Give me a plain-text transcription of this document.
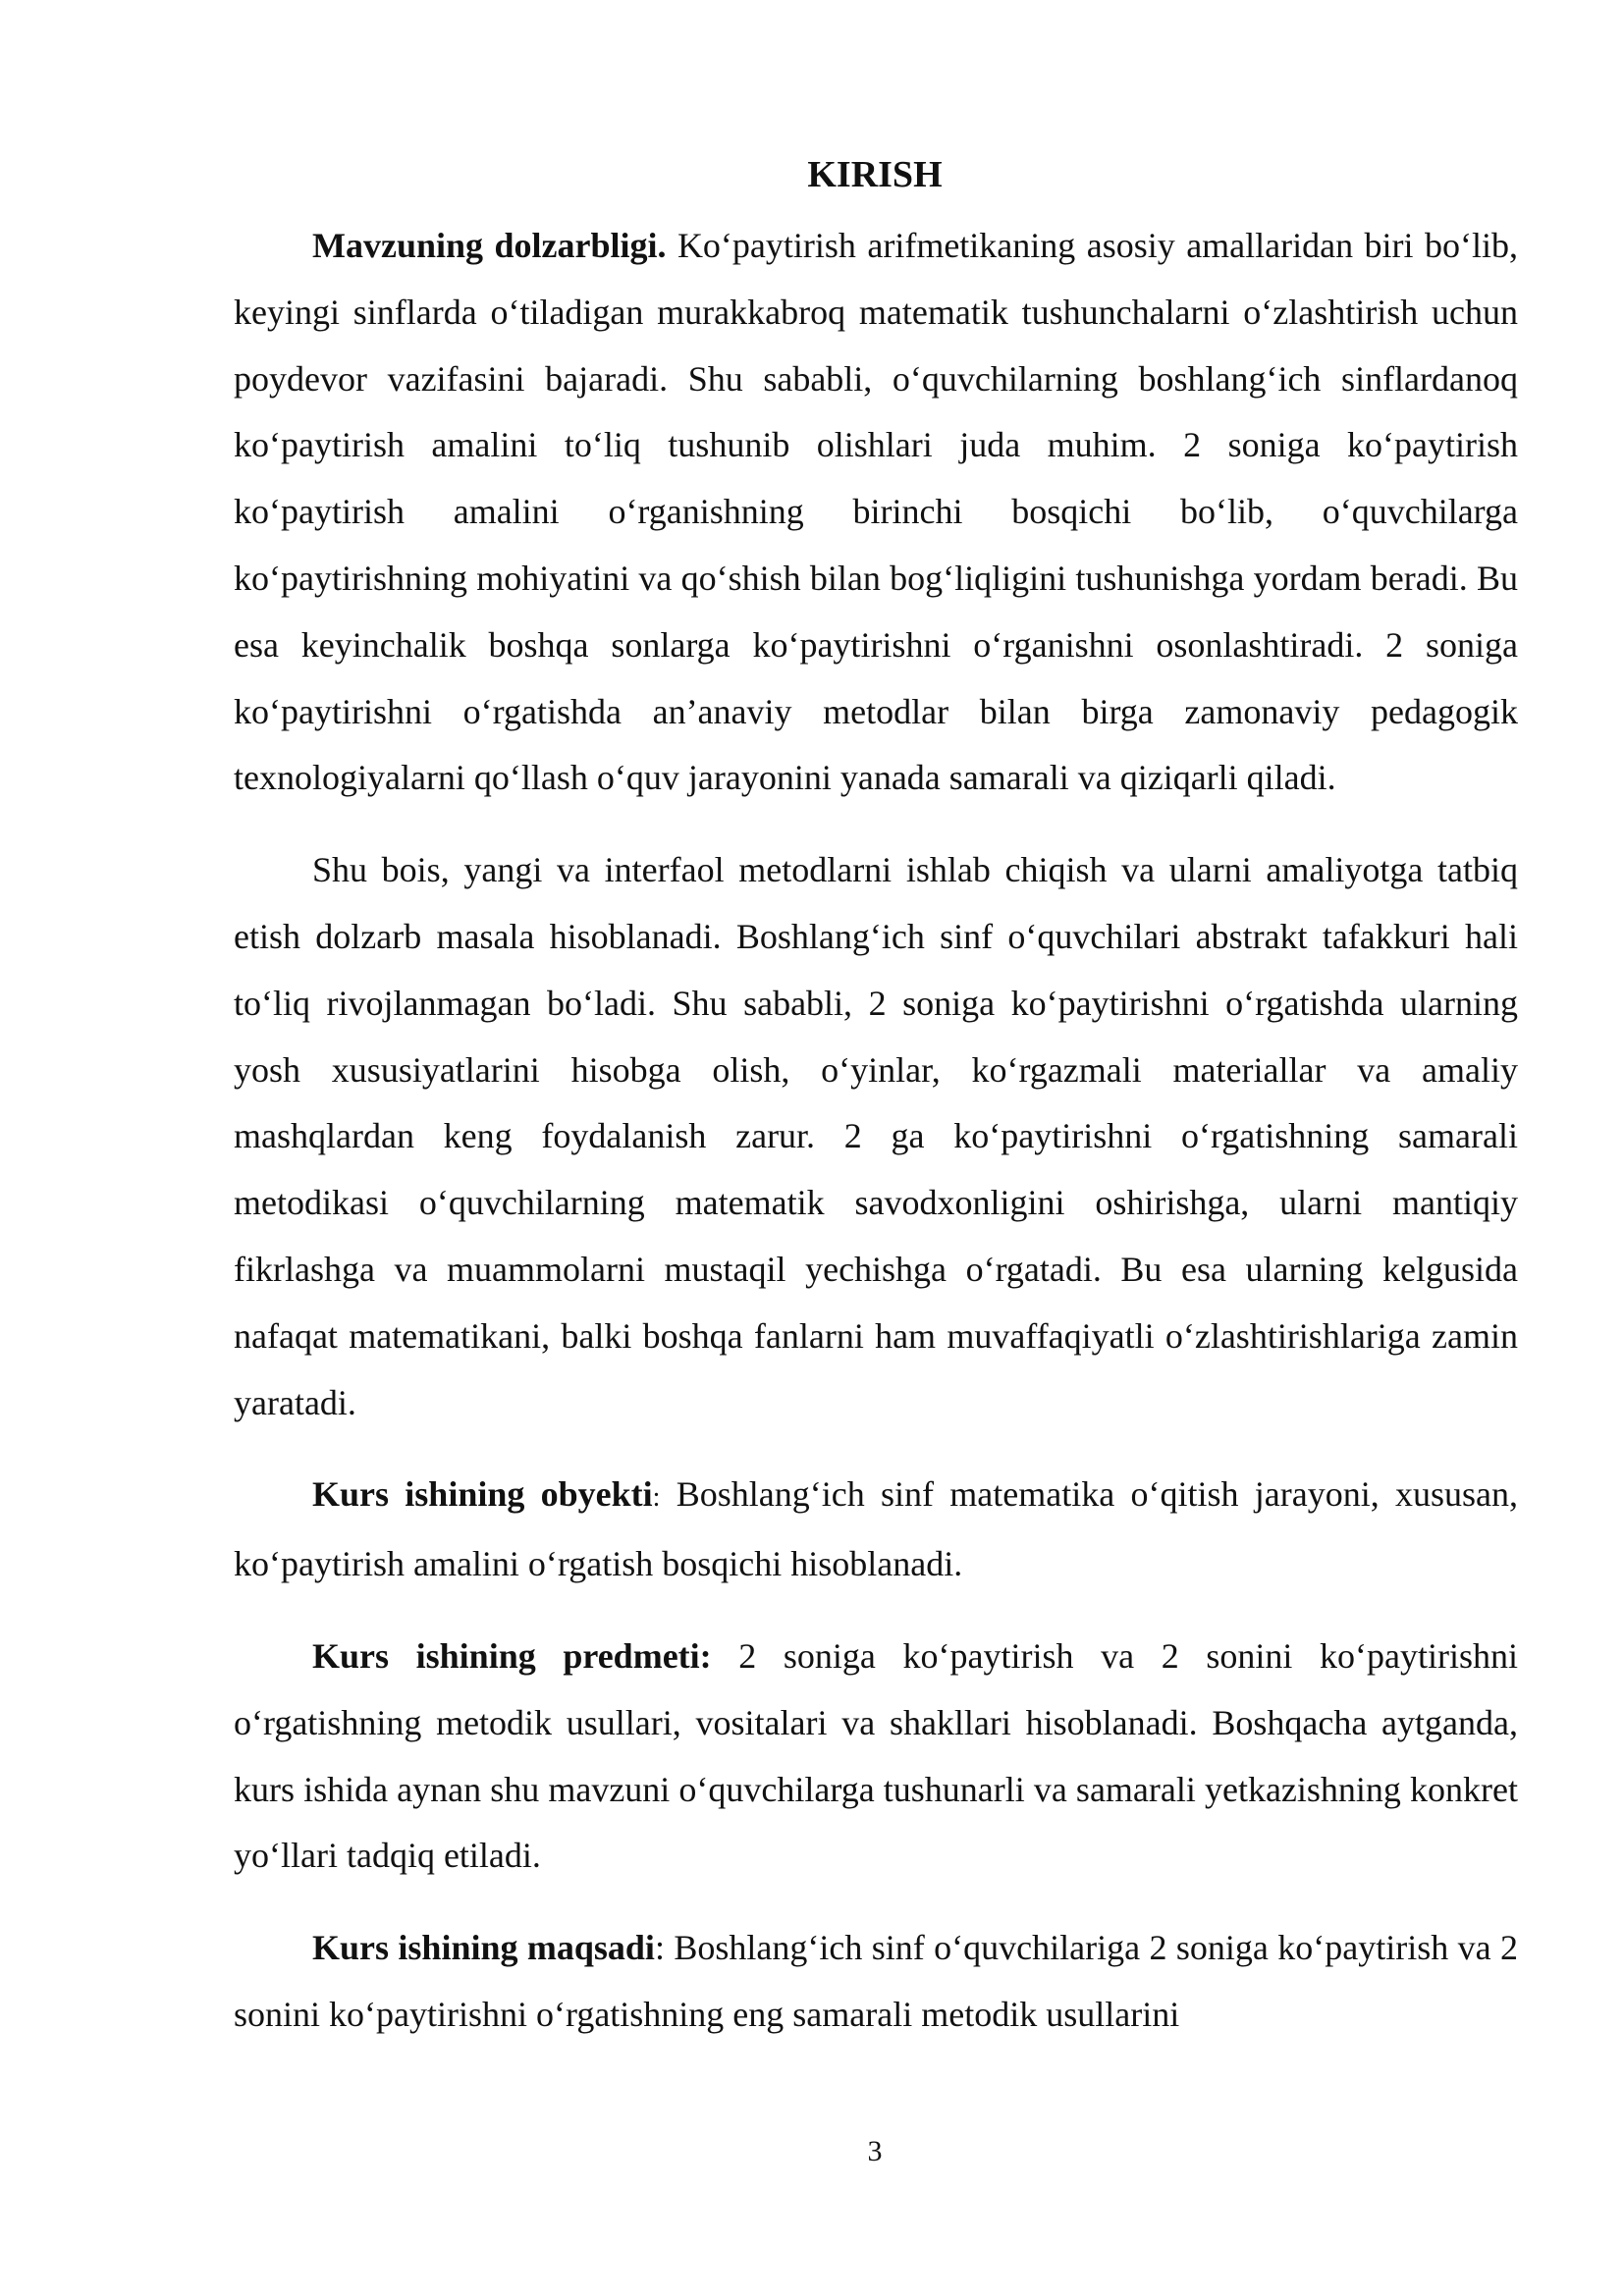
KIRISH

Mavzuning dolzarbligi. Koʻpaytirish arifmetikaning asosiy amallaridan biri boʻlib, keyingi sinflarda oʻtiladigan murakkabroq matematik tushunchalarni oʻzlashtirish uchun poydevor vazifasini bajaradi. Shu sababli, oʻquvchilarning boshlangʻich sinflardanoq koʻpaytirish amalini toʻliq tushunib olishlari juda muhim. 2 soniga koʻpaytirish koʻpaytirish amalini oʻrganishning birinchi bosqichi boʻlib, oʻquvchilarga koʻpaytirishning mohiyatini va qoʻshish bilan bogʻliqligini tushunishga yordam beradi. Bu esa keyinchalik boshqa sonlarga koʻpaytirishni oʻrganishni osonlashtiradi. 2 soniga koʻpaytirishni oʻrgatishda an’anaviy metodlar bilan birga zamonaviy pedagogik texnologiyalarni qoʻllash oʻquv jarayonini yanada samarali va qiziqarli qiladi.

Shu bois, yangi va interfaol metodlarni ishlab chiqish va ularni amaliyotga tatbiq etish dolzarb masala hisoblanadi. Boshlangʻich sinf oʻquvchilari abstrakt tafakkuri hali toʻliq rivojlanmagan boʻladi. Shu sababli, 2 soniga koʻpaytirishni oʻrgatishda ularning yosh xususiyatlarini hisobga olish, oʻyinlar, koʻrgazmali materiallar va amaliy mashqlardan keng foydalanish zarur. 2 ga koʻpaytirishni oʻrgatishning samarali metodikasi oʻquvchilarning matematik savodxonligini oshirishga, ularni mantiqiy fikrlashga va muammolarni mustaqil yechishga oʻrgatadi. Bu esa ularning kelgusida nafaqat matematikani, balki boshqa fanlarni ham muvaffaqiyatli oʻzlashtirishlariga zamin yaratadi.

Kurs ishining obyekti: Boshlangʻich sinf matematika oʻqitish jarayoni, xususan, koʻpaytirish amalini oʻrgatish bosqichi hisoblanadi.

Kurs ishining predmeti: 2 soniga koʻpaytirish va 2 sonini koʻpaytirishni oʻrgatishning metodik usullari, vositalari va shakllari hisoblanadi. Boshqacha aytganda, kurs ishida aynan shu mavzuni oʻquvchilarga tushunarli va samarali yetkazishning konkret yoʻllari tadqiq etiladi.

Kurs ishining maqsadi: Boshlangʻich sinf oʻquvchilariga 2 soniga koʻpaytirish va 2 sonini koʻpaytirishni oʻrgatishning eng samarali metodik usullarini

3
